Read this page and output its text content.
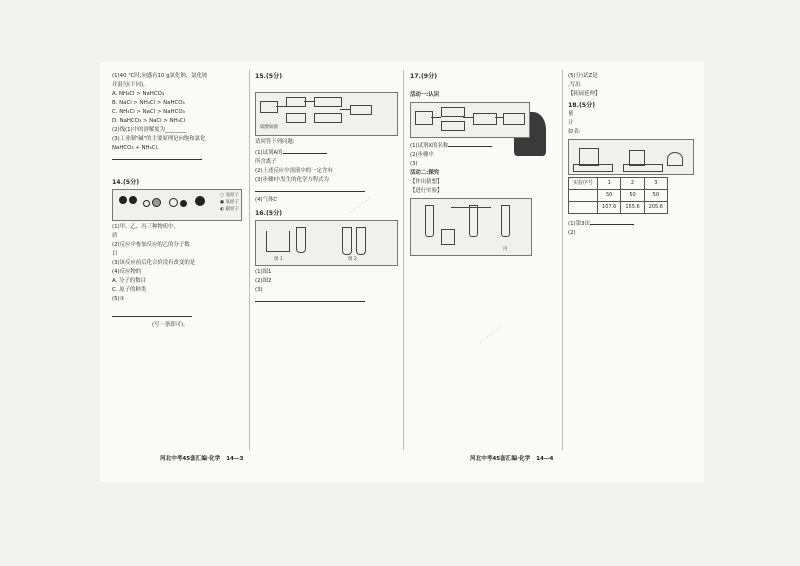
(1)40 ℃时,向盛有10 g氯化钠、氯化铵

并混匀(下同),

A. NH₄Cl > NaHCO₃

B. NaCl > NH₄Cl > NaHCO₃

C. NH₄Cl > NaCl > NaHCO₃

D. NaHCO₃ > NaCl > NH₄Cl

(2)线(1)中的溶解度为________

(3)工业制"碱"的主要原理是向饱和氯化

NaHCO₃ + NH₄Cl,

14.(5分)

○ 氢原子
● 氧原子
◐ 碳原子

(1)甲、乙、丙三种物质中,

质

(2)反应中参加反应的乙的分子数

目

(3)该反应前后化合价没有改变的是

(4)反应物的

A. 分子的数目

C. 原子的种类

(5)①

(写一条即可)。

15.(5分)

硫酸铜液

请回答下列问题:

(1)试剂A的

所含离子

(2)上述反应中溶液中的一定含有

(3)步骤I中发生的化学方程式为

(4)气体C

16.(5分)

图 1	图 2

(1)图1

(2)图2

(3)

17.(9分)

活动一:认识

(1)试剂X的名称

(2)步骤中

(3)

活动二:探究

【作出猜想】

【进行实验】

丙

(5)分)试Z是

,写出

【拓展延伸】

18.(5分)

量

计

如表:

实验序号	1	2	3
	50	50	50
	107.6	155.6	205.6

(1)第3次

(2)

· · · · · · ·
· · · · · · ·
河北中考45套汇编·化学 14—3	河北中考45套汇编·化学 14—4
